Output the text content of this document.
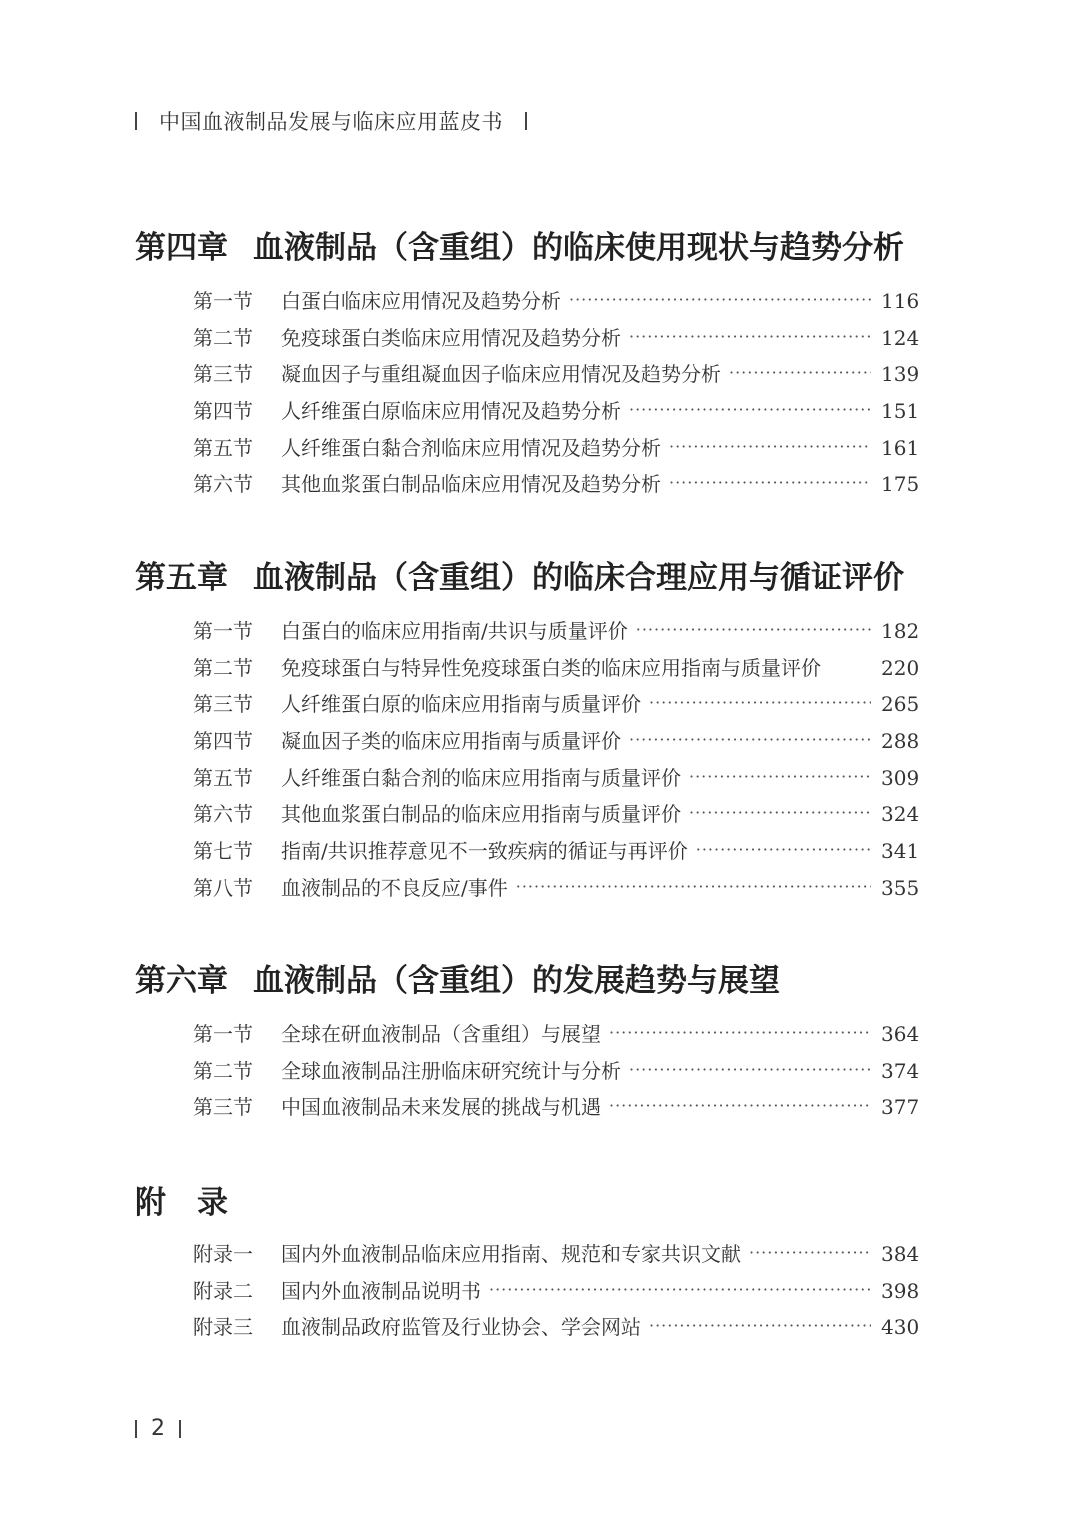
中国血液制品发展与临床应用蓝皮书
第四章 血液制品（含重组）的临床使用现状与趋势分析
第一节	白蛋白临床应用情况及趋势分析 ·····	116
第二节	免疫球蛋白类临床应用情况及趋势分析 ·····	124
第三节	凝血因子与重组凝血因子临床应用情况及趋势分析 ·····	139
第四节	人纤维蛋白原临床应用情况及趋势分析 ·····	151
第五节	人纤维蛋白黏合剂临床应用情况及趋势分析 ·····	161
第六节	其他血浆蛋白制品临床应用情况及趋势分析 ·····	175
第五章 血液制品（含重组）的临床合理应用与循证评价
第一节	白蛋白的临床应用指南/共识与质量评价 ·····	182
第二节	免疫球蛋白与特异性免疫球蛋白类的临床应用指南与质量评价	220
第三节	人纤维蛋白原的临床应用指南与质量评价 ·····	265
第四节	凝血因子类的临床应用指南与质量评价 ·····	288
第五节	人纤维蛋白黏合剂的临床应用指南与质量评价 ·····	309
第六节	其他血浆蛋白制品的临床应用指南与质量评价 ·····	324
第七节	指南/共识推荐意见不一致疾病的循证与再评价 ·····	341
第八节	血液制品的不良反应/事件 ·····	355
第六章 血液制品（含重组）的发展趋势与展望
第一节	全球在研血液制品（含重组）与展望 ·····	364
第二节	全球血液制品注册临床研究统计与分析 ·····	374
第三节	中国血液制品未来发展的挑战与机遇 ·····	377
附　录
附录一	国内外血液制品临床应用指南、规范和专家共识文献 ·····	384
附录二	国内外血液制品说明书 ·····	398
附录三	血液制品政府监管及行业协会、学会网站 ·····	430
2
